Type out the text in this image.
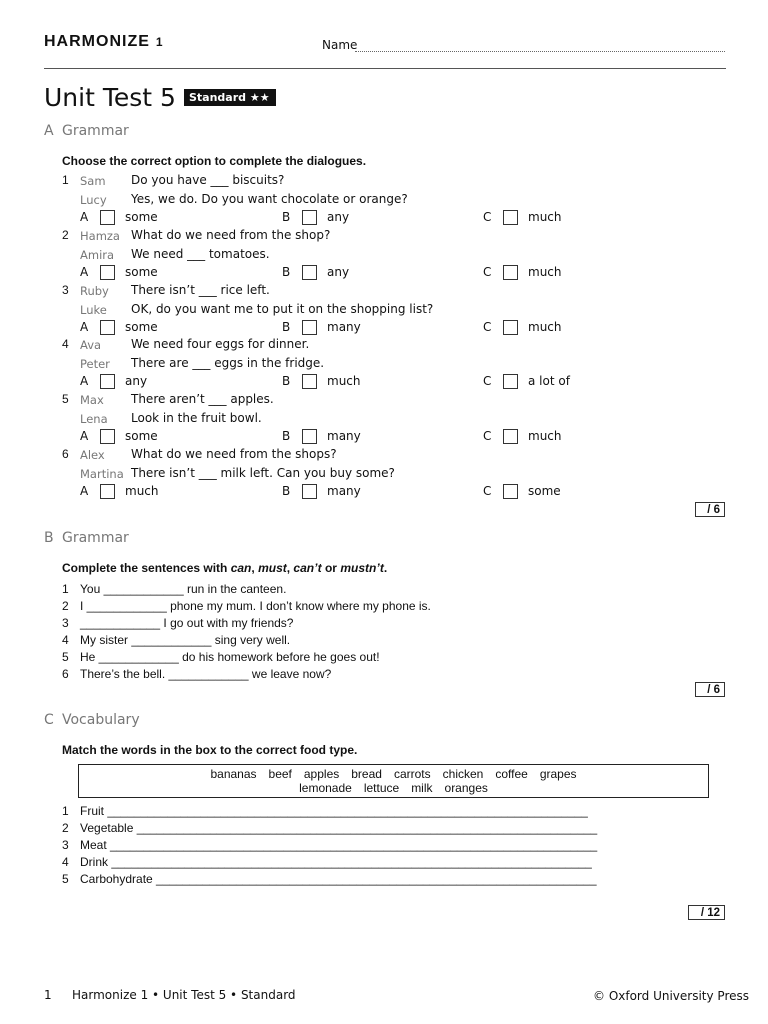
HARMONIZE 1	Name
Unit Test 5	Standard ★★
A Grammar
Choose the correct option to complete the dialogues.
1 Sam Do you have ___ biscuits?
Lucy Yes, we do. Do you want chocolate or orange?
A	some	B	any	C	much
2 Hamza What do we need from the shop?
Amira We need ___ tomatoes.
A	some	B	any	C	much
3 Ruby There isn’t ___ rice left.
Luke OK, do you want me to put it on the shopping list?
A	some	B	many	C	much
4 Ava We need four eggs for dinner.
Peter There are ___ eggs in the fridge.
A	any	B	much	C	a lot of
5 Max There aren’t ___ apples.
Lena Look in the fruit bowl.
A	some	B	many	C	much
6 Alex What do we need from the shops?
Martina There isn’t ___ milk left. Can you buy some?
A	much	B	many	C	some
/ 6
B Grammar
Complete the sentences with can, must, can’t or mustn’t.
1 You ____________ run in the canteen.
2 I ____________ phone my mum. I don’t know where my phone is.
3 ____________ I go out with my friends?
4 My sister ____________ sing very well.
5 He ____________ do his homework before he goes out!
6 There’s the bell. ____________ we leave now?
/ 6
C Vocabulary
Match the words in the box to the correct food type.
bananas beef apples bread carrots chicken coffee grapes
lemonade lettuce milk oranges
1 Fruit ________________________________________________________________________
2 Vegetable _____________________________________________________________________
3 Meat _________________________________________________________________________
4 Drink ________________________________________________________________________
5 Carbohydrate __________________________________________________________________
/ 12
1 Harmonize 1 • Unit Test 5 • Standard	© Oxford University Press
